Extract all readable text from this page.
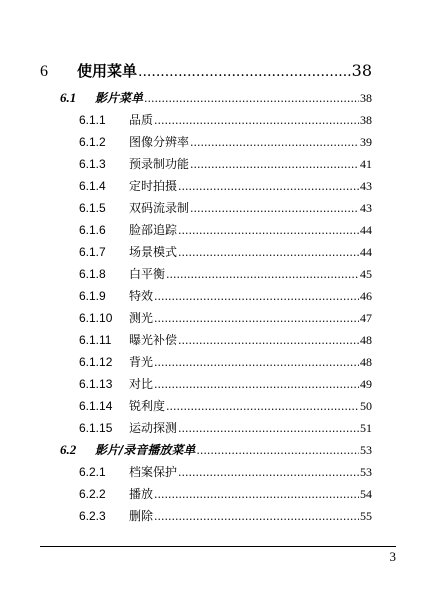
6	使用菜单 .....	38
6.1	影片菜单 .....	38
6.1.1	品质 .....	38
6.1.2	图像分辨率 .....	39
6.1.3	预录制功能 .....	41
6.1.4	定时拍摄 .....	43
6.1.5	双码流录制 .....	43
6.1.6	脸部追踪 .....	44
6.1.7	场景模式 .....	44
6.1.8	白平衡 .....	45
6.1.9	特效 .....	46
6.1.10	测光 .....	47
6.1.11	曝光补偿 .....	48
6.1.12	背光 .....	48
6.1.13	对比 .....	49
6.1.14	锐利度 .....	50
6.1.15	运动探测 .....	51
6.2	影片/录音播放菜单 .....	53
6.2.1	档案保护 .....	53
6.2.2	播放 .....	54
6.2.3	删除 .....	55
3
